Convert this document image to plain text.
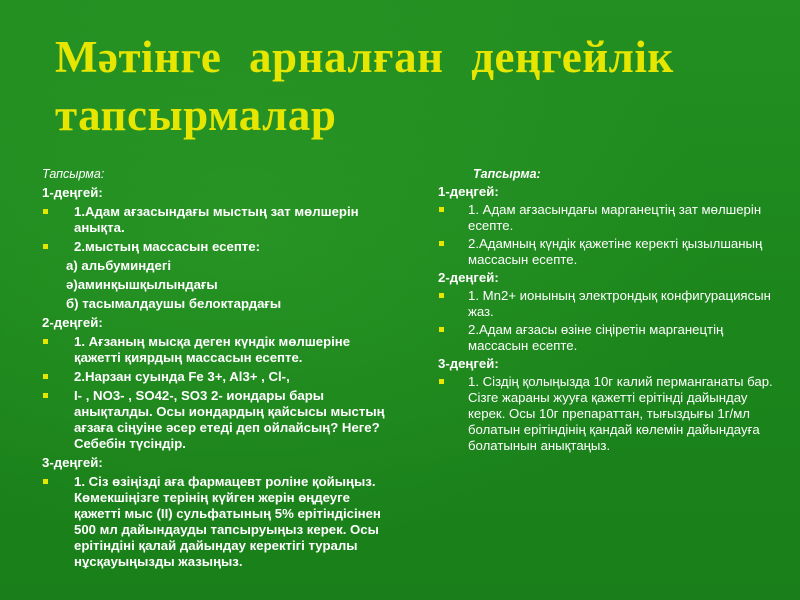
Мәтінге арналған деңгейлік
тапсырмалар
Тапсырма:
1-деңгей:
1.Адам ағзасындағы мыстың зат мөлшерін анықта.
2.мыстың массасын есепте:
а) альбуминдегі
ә)аминқышқылындағы
б) тасымалдаушы белоктардағы
2-деңгей:
1. Ағзаның мысқа деген күндік мөлшеріне қажетті қиярдың массасын есепте.
2.Нарзан суында Fe 3+, Al3+ , Cl-,
I- , NO3- , SO42-, SO3 2- иондары бары анықталды. Осы иондардың қайсысы мыстың ағзаға сіңуіне әсер етеді деп ойлайсың? Неге? Себебін түсіндір.
3-деңгей:
1. Сіз өзіңізді аға фармацевт роліне қойыңыз. Көмекшіңізге терінің күйген жерін өңдеуге қажетті мыс (II) сульфатының 5% ерітіндісінен 500 мл дайындауды тапсыруыңыз керек. Осы ерітіндіні қалай дайындау керектігі туралы нұсқауыңызды жазыңыз.
Тапсырма:
1-деңгей:
1. Адам ағзасындағы марганецтің зат мөлшерін есепте.
2.Адамның күндік қажетіне керекті қызылшаның массасын есепте.
2-деңгей:
1. Mn2+ ионының электрондық конфигурациясын жаз.
2.Адам ағзасы өзіне сіңіретін марганецтің массасын есепте.
3-деңгей:
1. Сіздің қолыңызда 10г калий перманганаты бар. Сізге жараны жууға қажетті ерітінді дайындау керек. Осы 10г препараттан, тығыздығы 1г/мл болатын ерітіндінің қандай көлемін дайындауға болатынын анықтаңыз.
